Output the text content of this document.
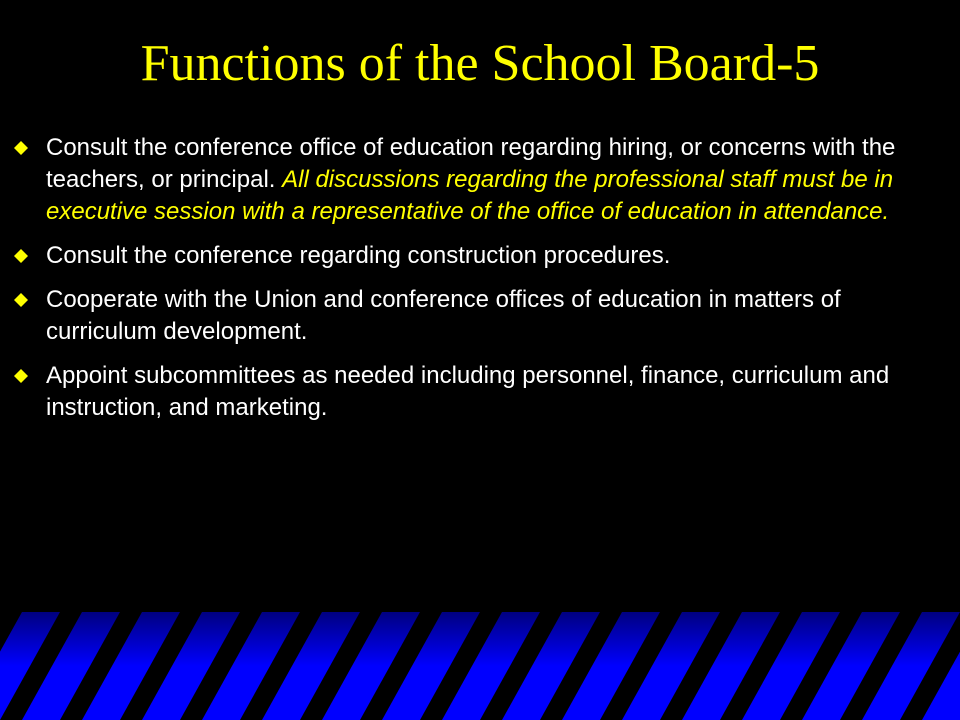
Functions of the School Board-5
Consult the conference office of education regarding hiring, or concerns with the teachers, or principal. All discussions regarding the professional staff must be in executive session with a representative of the office of education in attendance.
Consult the conference regarding construction procedures.
Cooperate with the Union and conference offices of education in matters of curriculum development.
Appoint subcommittees as needed including personnel, finance, curriculum and instruction, and marketing.
